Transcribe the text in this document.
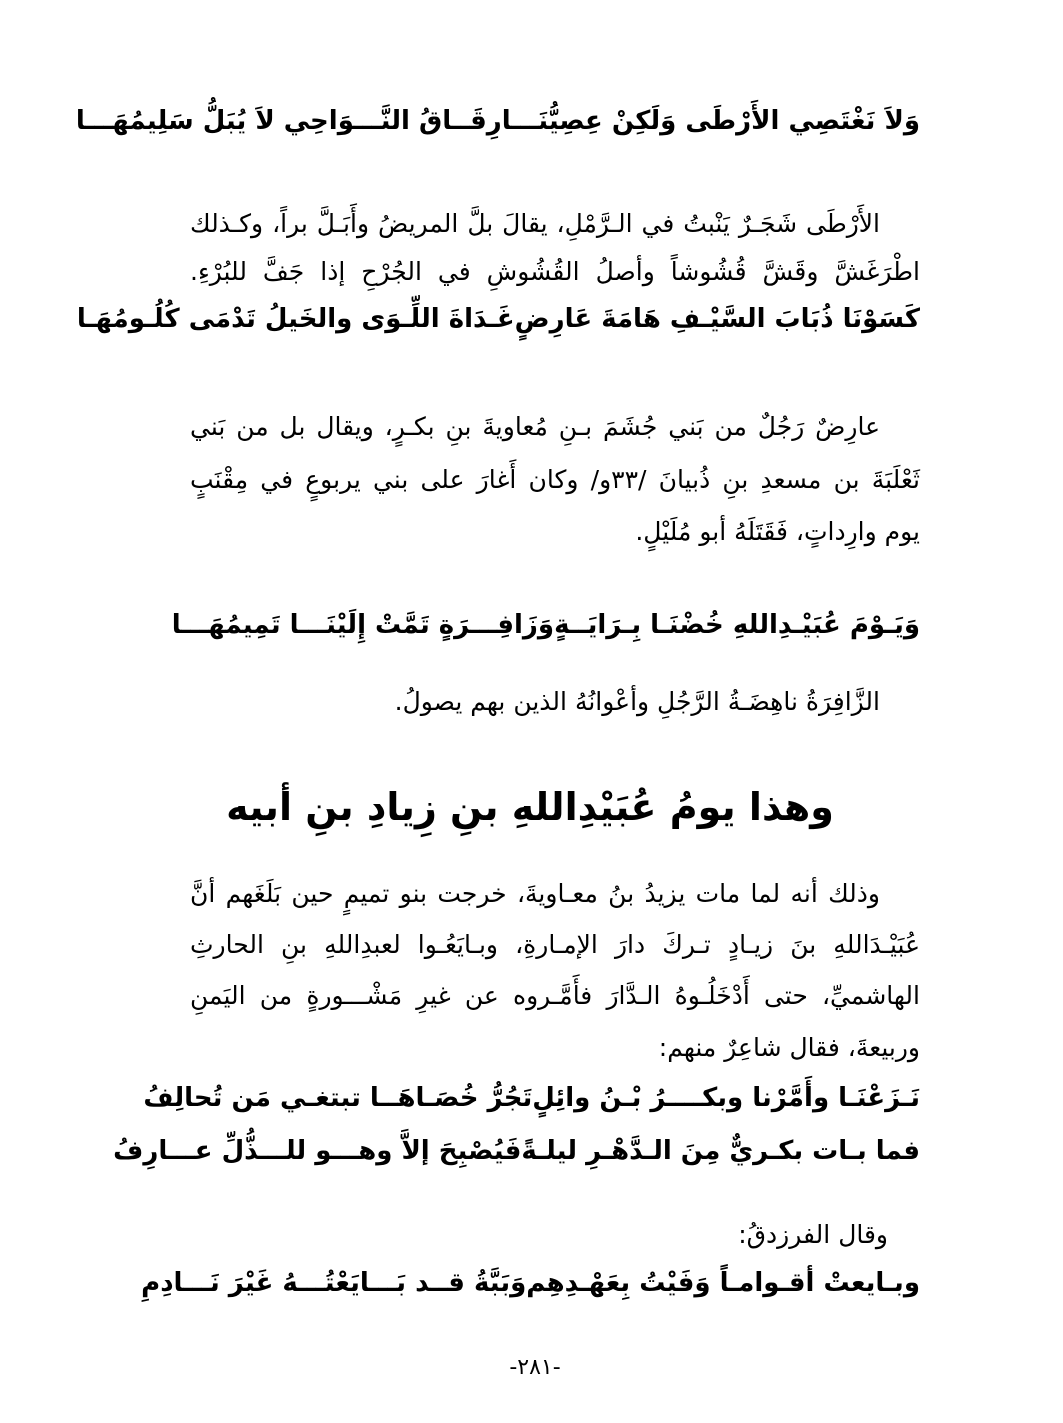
وَلاَ نَغْتَصِي الأَرْطَى وَلَكِنْ عِصِيُّنَـــا
رِقَــاقُ النَّـــوَاحِي لاَ يُبَلُّ سَلِيمُهَـــا
الأَرْطَى شَجَـرٌ يَنْبتُ في الـرَّمْلِ، يقالَ بلَّ المريضُ وأَبَـلَّ براً، وكـذلك
اطْرَغَشَّ وقَشَّ قُشُوشاً وأصلُ القُشُوشِ في الجُرْحِ إذا جَفَّ للبُرْءِ.
كَسَوْنَا ذُبَابَ السَّيْـفِ هَامَةَ عَارِضٍ
غَـدَاةَ اللِّـوَى والخَيلُ تَدْمَى كُلُـومُهَـا
عارِضٌ رَجُلٌ من بَني جُشَمَ بـنِ مُعاويةَ بنِ بكـرٍ، ويقال بل من بَني
ثَعْلَبَةَ بن مسعدِ بنِ ذُبيانَ /٣٣و/ وكان أَغارَ على بني يربوعٍ في مِقْنَبٍ
يوم وارِداتٍ، فَقَتَلَهُ أبو مُلَيْلٍ.
وَيَـوْمَ عُبَيْـدِاللهِ خُضْنَـا بِـرَايَــةٍ
وَزَافِـــرَةٍ تَمَّتْ إِلَيْنَـــا تَمِيمُهَـــا
الزَّافِرَةُ ناهِضَـةُ الرَّجُلِ وأعْوانُهُ الذين بهم يصولُ.
وهذا يومُ عُبَيْدِاللهِ بنِ زِيادِ بنِ أبيه
وذلك أنه لما مات يزيدُ بنُ معـاويةَ، خرجت بنو تميمٍ حين بَلَغَهم أنَّ
عُبَيْـدَاللهِ بنَ زيـادٍ تـركَ دارَ الإمـارةِ، وبـايَعُـوا لعبدِاللهِ بنِ الحارثِ
الهاشميِّ، حتى أَدْخَلُـوهُ الـدَّارَ فأَمَّـروه عن غيرِ مَشْـــورةٍ من اليَمنِ
وربيعةَ، فقال شاعِرٌ منهم:
نَـزَعْنَـا وأَمَّرْنا وبكــــرُ بْـنُ وائِلٍ
تَجُرُّ خُصَـاهَــا تبتغـي مَن تُحالِفُ
فما بـات بكـريٌّ مِنَ الـدَّهْـرِ ليلـةً
فَيُصْبِحَ إلاَّ وهـــو للـــذُّلِّ عـــارِفُ
وقال الفرزدقُ:
وبـايعتْ أقـوامـاً وَفَيْتُ بِعَهْـدِهِم
وَبَبَّةُ قــد بَـــايَعْتُـــهُ غَيْرَ نَـــادِمِ
-٢٨١-
